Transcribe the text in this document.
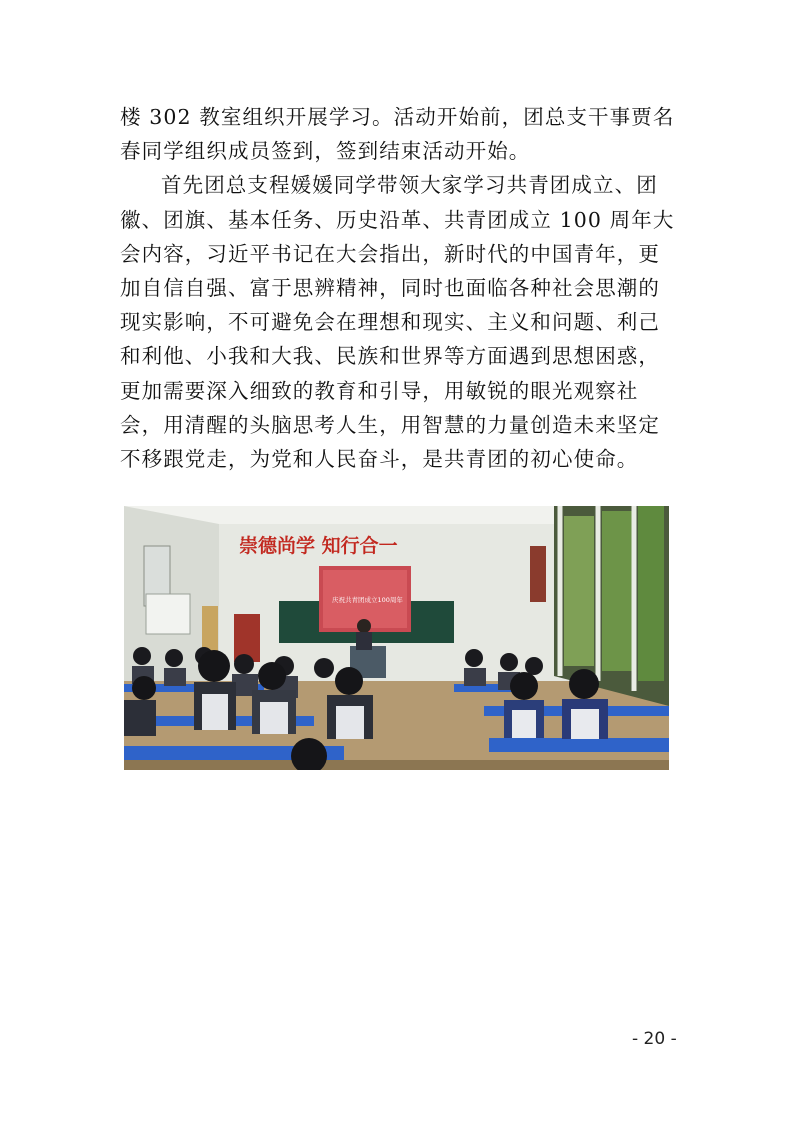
楼 302 教室组织开展学习。活动开始前，团总支干事贾名春同学组织成员签到，签到结束活动开始。

首先团总支程媛媛同学带领大家学习共青团成立、团徽、团旗、基本任务、历史沿革、共青团成立 100 周年大会内容，习近平书记在大会指出，新时代的中国青年，更加自信自强、富于思辨精神，同时也面临各种社会思潮的现实影响，不可避免会在理想和现实、主义和问题、利己和利他、小我和大我、民族和世界等方面遇到思想困惑，更加需要深入细致的教育和引导，用敏锐的眼光观察社会，用清醒的头脑思考人生，用智慧的力量创造未来坚定不移跟党走，为党和人民奋斗，是共青团的初心使命。

崇德尚学 知行合一
庆祝共青团成立100周年
- 20 -
